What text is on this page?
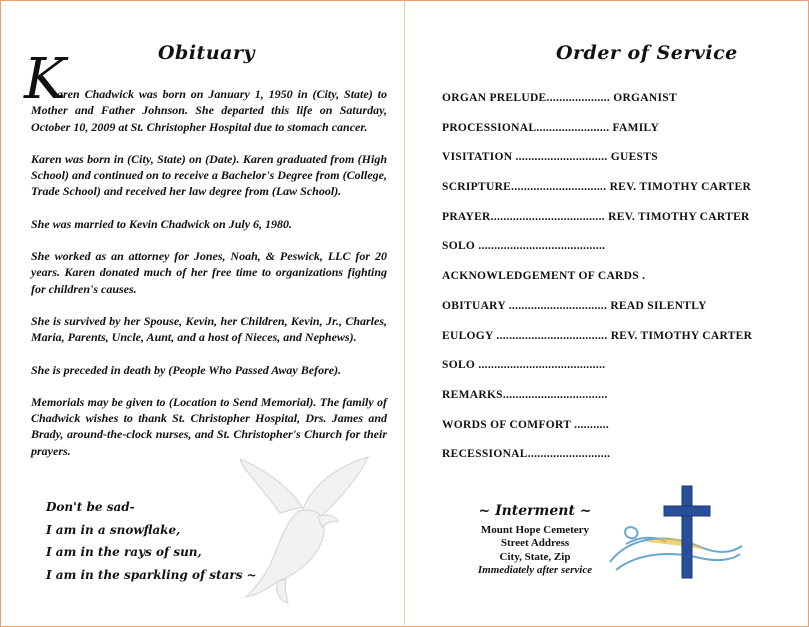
Obituary
K

aren Chadwick was born on January 1, 1950 in (City, State) to Mother and Father Johnson. She departed this life on Saturday, October 10, 2009 at St. Christopher Hospital due to stomach cancer.

Karen was born in (City, State) on (Date). Karen graduated from (High School) and continued on to receive a Bachelor's Degree from (College, Trade School) and received her law degree from (Law School).

She was married to Kevin Chadwick on July 6, 1980.

She worked as an attorney for Jones, Noah, & Peswick, LLC for 20 years. Karen donated much of her free time to organizations fighting for children's causes.

She is survived by her Spouse, Kevin, her Children, Kevin, Jr., Charles, Maria, Parents, Uncle, Aunt, and a host of Nieces, and Nephews).

She is preceded in death by (People Who Passed Away Before).

Memorials may be given to (Location to Send Memorial). The family of Chadwick wishes to thank St. Christopher Hospital, Drs. James and Brady, around-the-clock nurses, and St. Christopher's Church for their prayers.

Don't be sad-
I am in a snowflake,
I am in the rays of sun,
I am in the sparkling of stars ~
Order of Service
ORGAN PRELUDE.................... ORGANIST
PROCESSIONAL....................... FAMILY
VISITATION ............................. GUESTS
SCRIPTURE.............................. REV. TIMOTHY CARTER
PRAYER.................................... REV. TIMOTHY CARTER
SOLO ........................................
ACKNOWLEDGEMENT OF CARDS .
OBITUARY ............................... READ SILENTLY
EULOGY ................................... REV. TIMOTHY CARTER
SOLO ........................................
REMARKS.................................
WORDS OF COMFORT ...........
RECESSIONAL..........................
~ Interment ~
Mount Hope Cemetery
Street Address
City, State, Zip
Immediately after service
